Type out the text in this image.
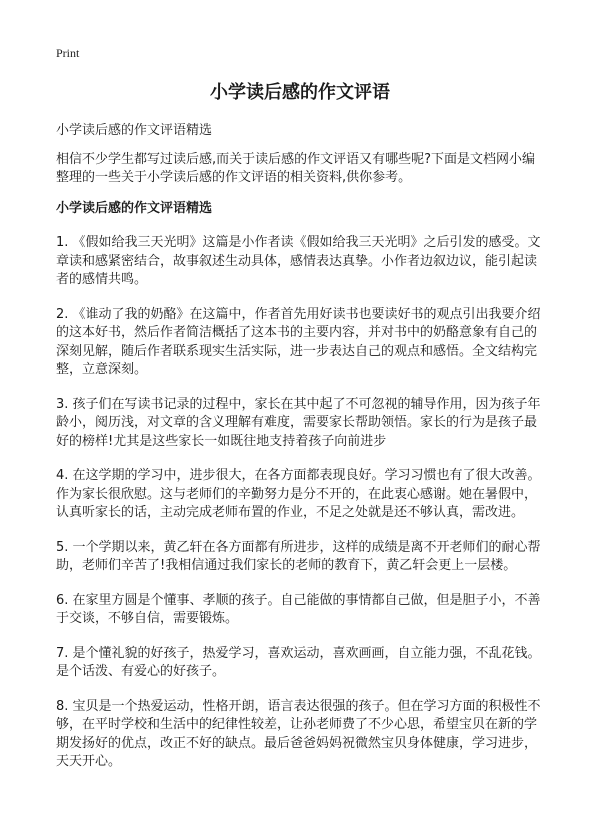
Print
小学读后感的作文评语

小学读后感的作文评语精选

相信不少学生都写过读后感,而关于读后感的作文评语又有哪些呢?下面是文档网小编整理的一些关于小学读后感的作文评语的相关资料,供你参考。

小学读后感的作文评语精选

1. 《假如给我三天光明》这篇是小作者读《假如给我三天光明》之后引发的感受。文章读和感紧密结合，故事叙述生动具体，感情表达真挚。小作者边叙边议，能引起读者的感情共鸣。
2. 《谁动了我的奶酪》在这篇中，作者首先用好读书也要读好书的观点引出我要介绍的这本好书，然后作者简洁概括了这本书的主要内容，并对书中的奶酪意象有自己的深刻见解，随后作者联系现实生活实际，进一步表达自己的观点和感悟。全文结构完整，立意深刻。
3. 孩子们在写读书记录的过程中，家长在其中起了不可忽视的辅导作用，因为孩子年龄小，阅历浅，对文章的含义理解有难度，需要家长帮助领悟。家长的行为是孩子最好的榜样!尤其是这些家长一如既往地支持着孩子向前进步
4. 在这学期的学习中，进步很大，在各方面都表现良好。学习习惯也有了很大改善。作为家长很欣慰。这与老师们的辛勤努力是分不开的，在此衷心感谢。她在暑假中，认真听家长的话，主动完成老师布置的作业，不足之处就是还不够认真，需改进。
5. 一个学期以来，黄乙轩在各方面都有所进步，这样的成绩是离不开老师们的耐心帮助，老师们辛苦了!我相信通过我们家长的老师的教育下，黄乙轩会更上一层楼。
6. 在家里方圆是个懂事、孝顺的孩子。自己能做的事情都自己做，但是胆子小，不善于交谈，不够自信，需要锻炼。
7. 是个懂礼貌的好孩子，热爱学习，喜欢运动，喜欢画画，自立能力强，不乱花钱。是个话泼、有爱心的好孩子。
8. 宝贝是一个热爱运动，性格开朗，语言表达很强的孩子。但在学习方面的积极性不够，在平时学校和生活中的纪律性较差，让孙老师费了不少心思，希望宝贝在新的学期发扬好的优点，改正不好的缺点。最后爸爸妈妈祝微然宝贝身体健康，学习进步，天天开心。
